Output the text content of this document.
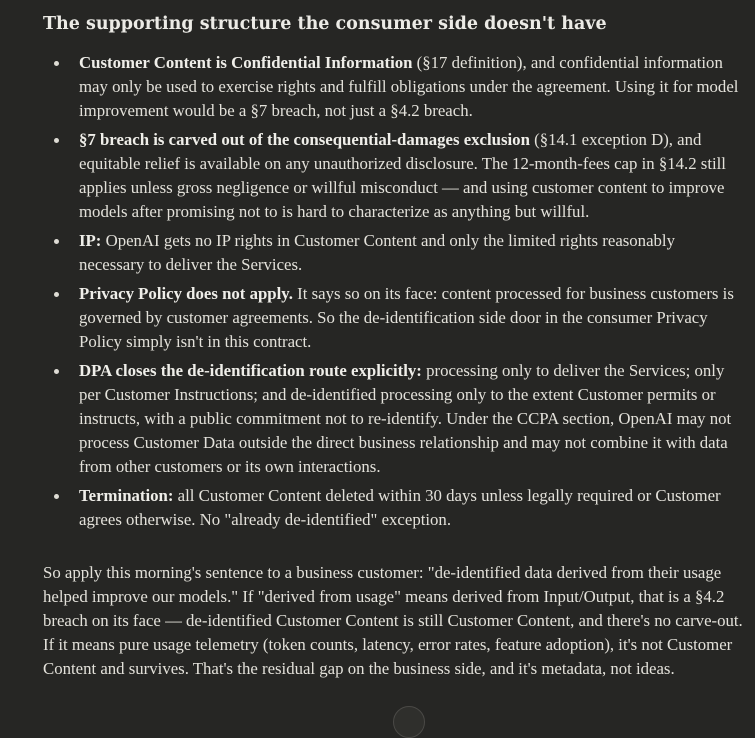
The supporting structure the consumer side doesn't have
Customer Content is Confidential Information (§17 definition), and confidential information may only be used to exercise rights and fulfill obligations under the agreement. Using it for model improvement would be a §7 breach, not just a §4.2 breach.
§7 breach is carved out of the consequential-damages exclusion (§14.1 exception D), and equitable relief is available on any unauthorized disclosure. The 12-month-fees cap in §14.2 still applies unless gross negligence or willful misconduct — and using customer content to improve models after promising not to is hard to characterize as anything but willful.
IP: OpenAI gets no IP rights in Customer Content and only the limited rights reasonably necessary to deliver the Services.
Privacy Policy does not apply. It says so on its face: content processed for business customers is governed by customer agreements. So the de-identification side door in the consumer Privacy Policy simply isn't in this contract.
DPA closes the de-identification route explicitly: processing only to deliver the Services; only per Customer Instructions; and de-identified processing only to the extent Customer permits or instructs, with a public commitment not to re-identify. Under the CCPA section, OpenAI may not process Customer Data outside the direct business relationship and may not combine it with data from other customers or its own interactions.
Termination: all Customer Content deleted within 30 days unless legally required or Customer agrees otherwise. No "already de-identified" exception.

So apply this morning's sentence to a business customer: "de-identified data derived from their usage helped improve our models." If "derived from usage" means derived from Input/Output, that is a §4.2 breach on its face — de-identified Customer Content is still Customer Content, and there's no carve-out. If it means pure usage telemetry (token counts, latency, error rates, feature adoption), it's not Customer Content and survives. That's the residual gap on the business side, and it's metadata, not ideas.
